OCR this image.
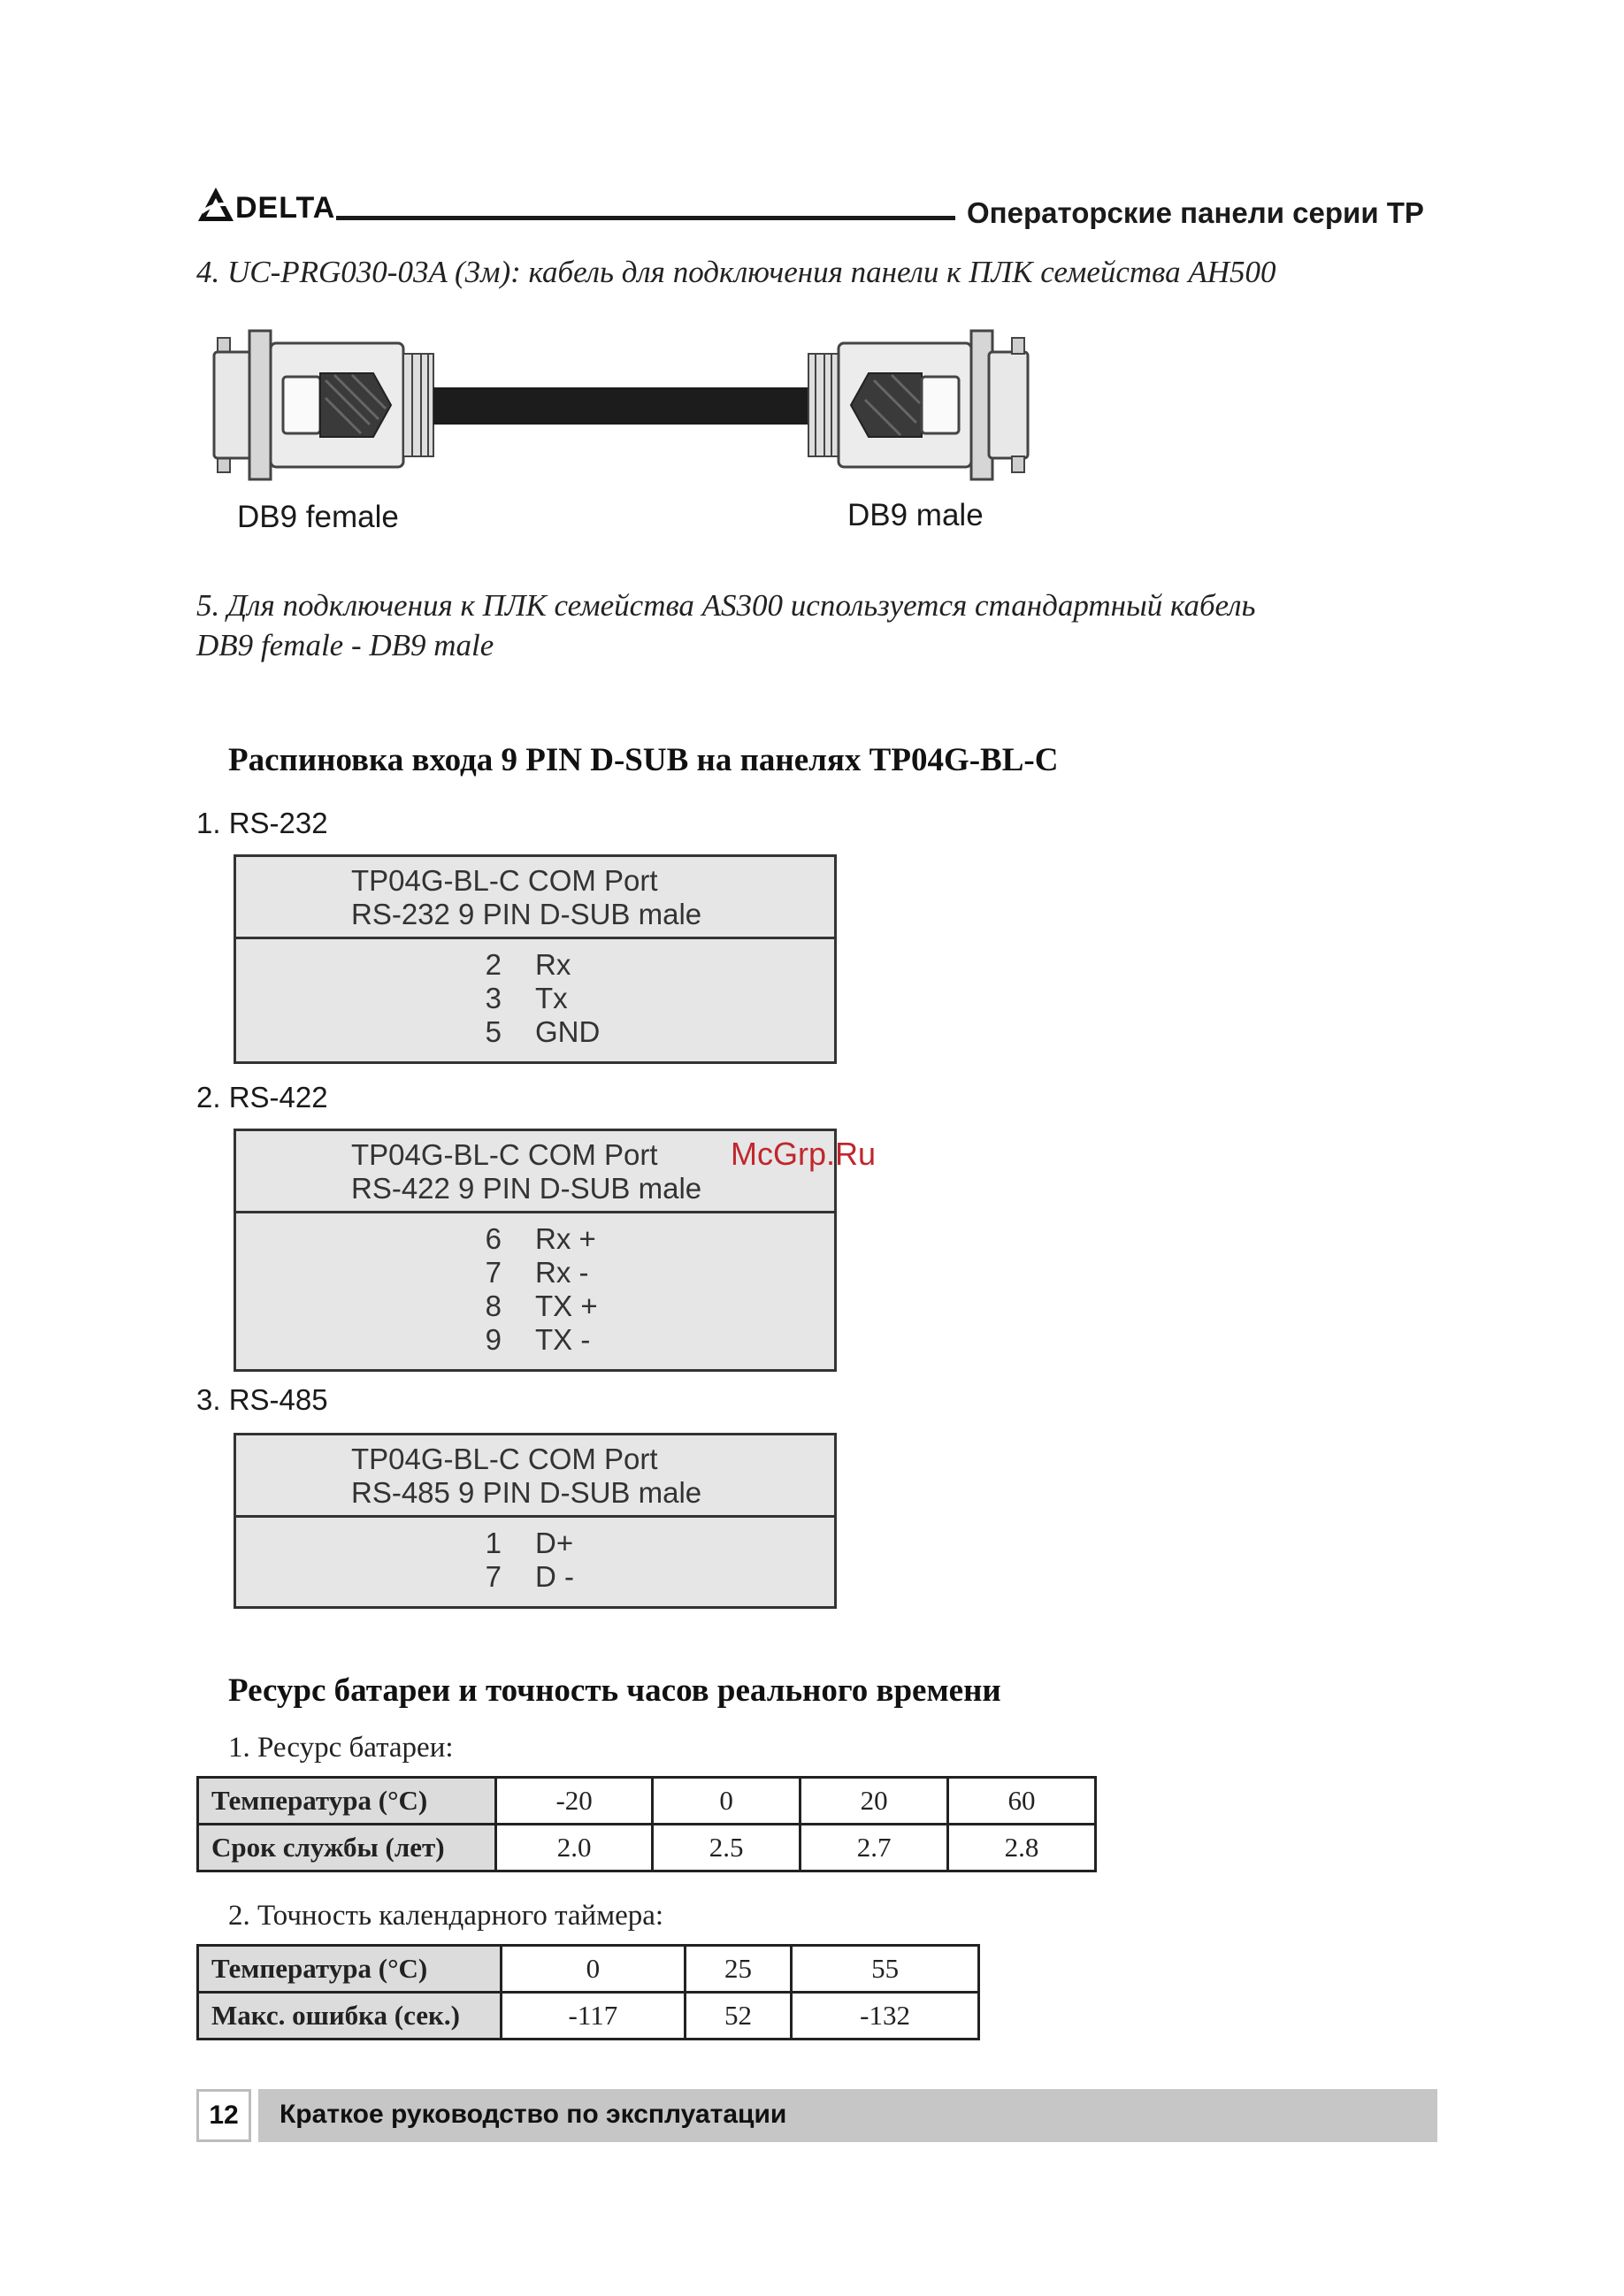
DELTA	Операторские панели серии ТР
4. UC-PRG030-03A (3м): кабель для подключения панели к ПЛК семейства AH500
DB9 female	DB9 male
5. Для подключения к ПЛК семейства AS300 используется стандартный кабель
DB9 female - DB9 male
Распиновка входа 9 PIN D-SUB на панелях TP04G-BL-C
1. RS-232
TP04G-BL-C COM Port
RS-232 9 PIN D-SUB male
2 Rx
3 Tx
5 GND
2. RS-422
TP04G-BL-C COM Port
RS-422 9 PIN D-SUB male
6 Rx +
7 Rx -
8 TX +
9 TX -
3. RS-485
TP04G-BL-C COM Port
RS-485 9 PIN D-SUB male
1 D+
7 D -
McGrp.Ru
Ресурс батареи и точность часов реального времени
1. Ресурс батареи:
Температура (°C)	-20	0	20	60
Срок службы (лет)	2.0	2.5	2.7	2.8
2. Точность календарного таймера:
Температура (°C)	0	25	55
Макс. ошибка (сек.)	-117	52	-132
12	Краткое руководство по эксплуатации
